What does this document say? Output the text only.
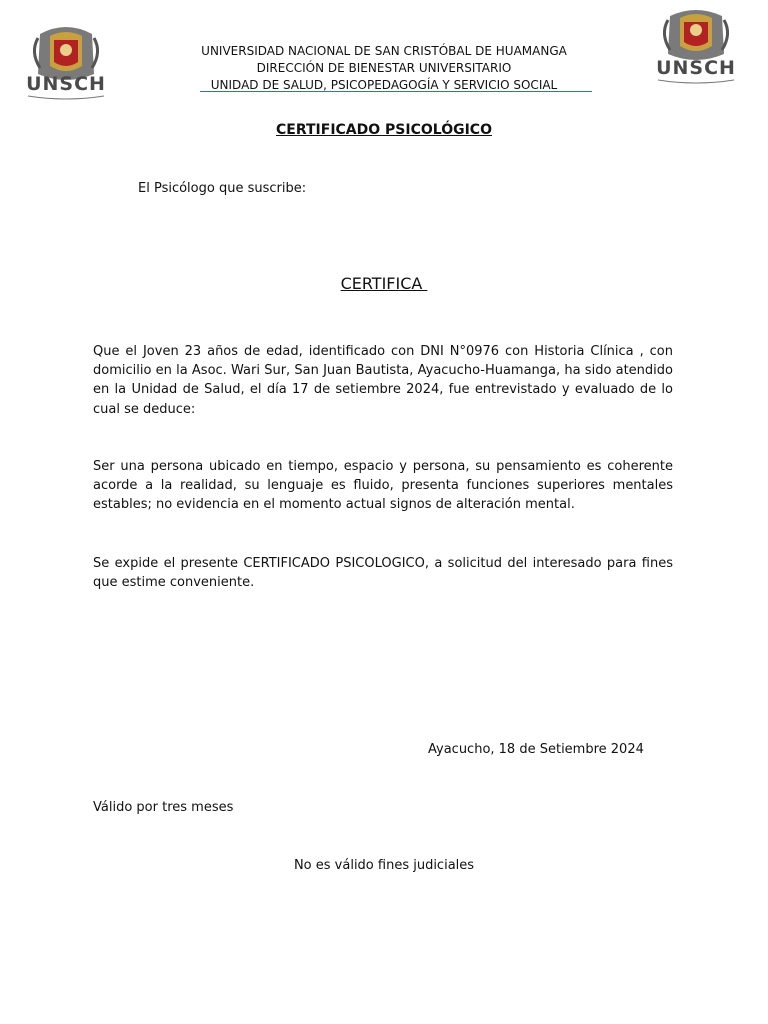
UNSCH
UNSCH
UNIVERSIDAD NACIONAL DE SAN CRISTÓBAL DE HUAMANGA
DIRECCIÓN DE BIENESTAR UNIVERSITARIO
UNIDAD DE SALUD, PSICOPEDAGOGÍA Y SERVICIO SOCIAL
CERTIFICADO PSICOLÓGICO
El Psicólogo que suscribe:
CERTIFICA
Que el Joven 23 años de edad, identificado con DNI N°0976 con Historia Clínica , con domicilio en la Asoc. Wari Sur, San Juan Bautista, Ayacucho-Huamanga, ha sido atendido en la Unidad de Salud, el día 17 de setiembre 2024, fue entrevistado y evaluado de lo cual se deduce:
Ser una persona ubicado en tiempo, espacio y persona, su pensamiento es coherente acorde a la realidad, su lenguaje es fluido, presenta funciones superiores mentales estables; no evidencia en el momento actual signos de alteración mental.
Se expide el presente CERTIFICADO PSICOLOGICO, a solicitud del interesado para fines que estime conveniente.
Ayacucho, 18 de Setiembre 2024
Válido por tres meses
No es válido fines judiciales
